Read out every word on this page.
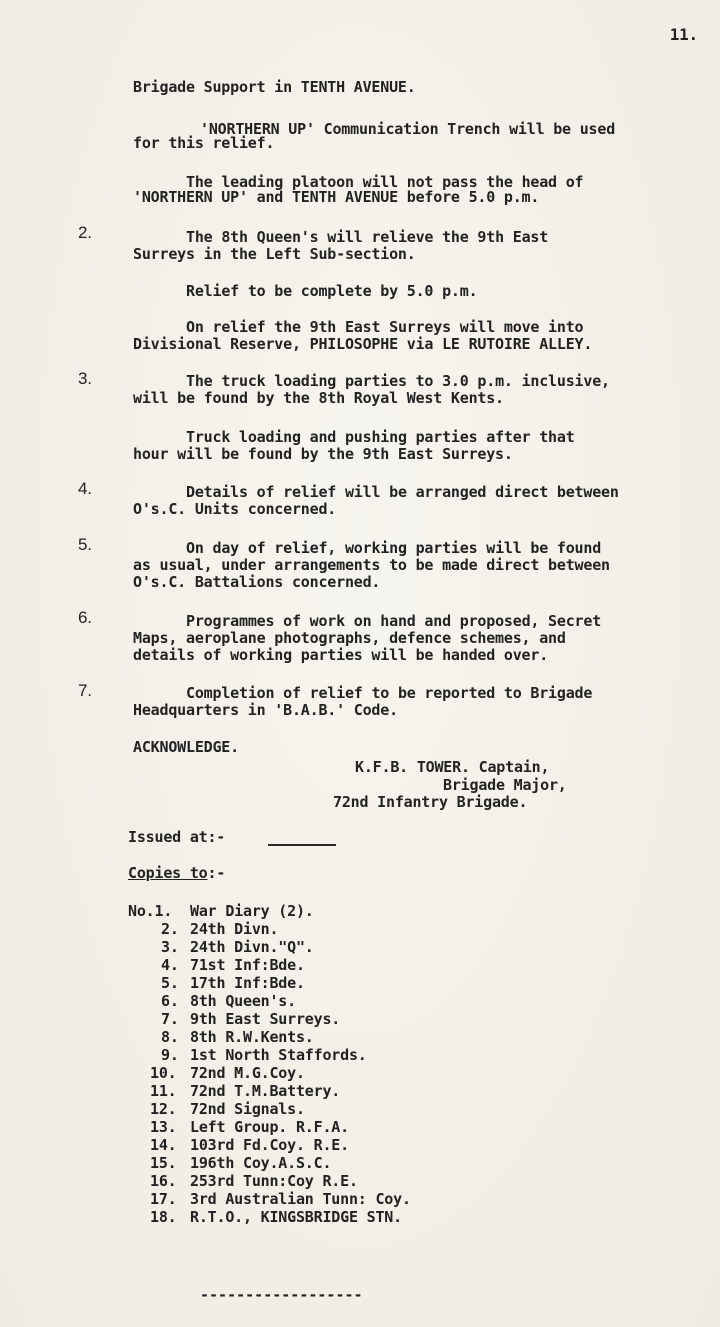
11.
Brigade Support in TENTH AVENUE.
'NORTHERN UP' Communication Trench will be used
for this relief.
The leading platoon will not pass the head of
'NORTHERN UP' and TENTH AVENUE before 5.0 p.m.
2.	The 8th Queen's will relieve the 9th East
Surreys in the Left Sub-section.
Relief to be complete by 5.0 p.m.
On relief the 9th East Surreys will move into
Divisional Reserve, PHILOSOPHE via LE RUTOIRE ALLEY.
3.	The truck loading parties to 3.0 p.m. inclusive,
will be found by the 8th Royal West Kents.
Truck loading and pushing parties after that
hour will be found by the 9th East Surreys.
4.	Details of relief will be arranged direct between
O's.C. Units concerned.
5.	On day of relief, working parties will be found
as usual, under arrangements to be made direct between
O's.C. Battalions concerned.
6.	Programmes of work on hand and proposed, Secret
Maps, aeroplane photographs, defence schemes, and
details of working parties will be handed over.
7.	Completion of relief to be reported to Brigade
Headquarters in 'B.A.B.' Code.
ACKNOWLEDGE.
K.F.B. TOWER. Captain,
Brigade Major,
72nd Infantry Brigade.
Issued at:-
Copies to:-
No.1. War Diary (2).
2. 24th Divn.
3. 24th Divn."Q".
4. 71st Inf:Bde.
5. 17th Inf:Bde.
6. 8th Queen's.
7. 9th East Surreys.
8. 8th R.W.Kents.
9. 1st North Staffords.
10. 72nd M.G.Coy.
11. 72nd T.M.Battery.
12. 72nd Signals.
13. Left Group. R.F.A.
14. 103rd Fd.Coy. R.E.
15. 196th Coy.A.S.C.
16. 253rd Tunn:Coy R.E.
17. 3rd Australian Tunn: Coy.
18. R.T.O., KINGSBRIDGE STN.
------------------
